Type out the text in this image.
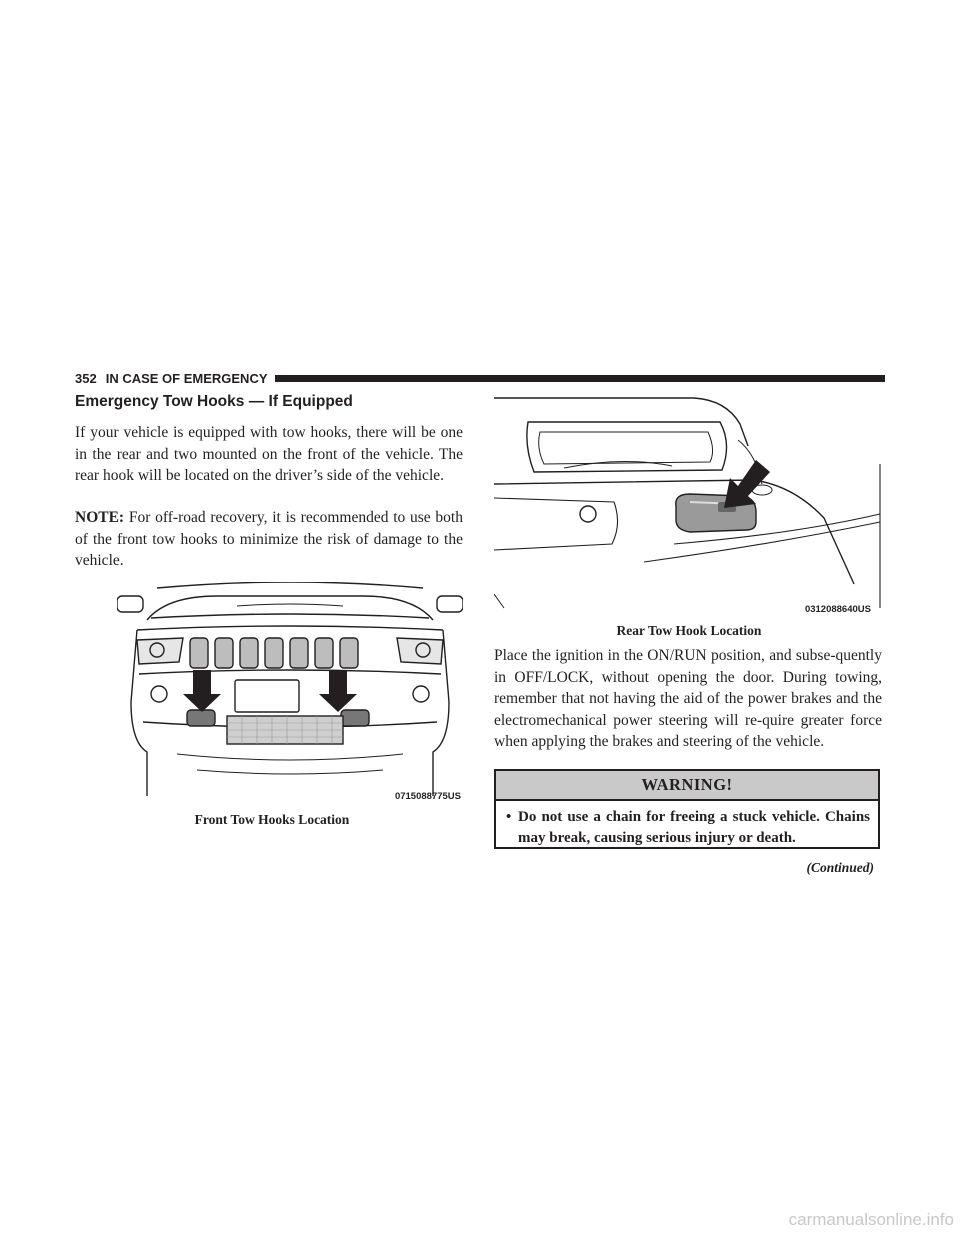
352 IN CASE OF EMERGENCY
Emergency Tow Hooks — If Equipped

If your vehicle is equipped with tow hooks, there will be one in the rear and two mounted on the front of the vehicle. The rear hook will be located on the driver’s side of the vehicle.

NOTE: For off-road recovery, it is recommended to use both of the front tow hooks to minimize the risk of damage to the vehicle.

0715088775US
Front Tow Hooks Location
0312088640US
Rear Tow Hook Location

Place the ignition in the ON/RUN position, and subse-quently in OFF/LOCK, without opening the door. During towing, remember that not having the aid of the power brakes and the electromechanical power steering will re-quire greater force when applying the brakes and steering of the vehicle.

WARNING!
• Do not use a chain for freeing a stuck vehicle. Chains may break, causing serious injury or death.
(Continued)
carmanualsonline.info
